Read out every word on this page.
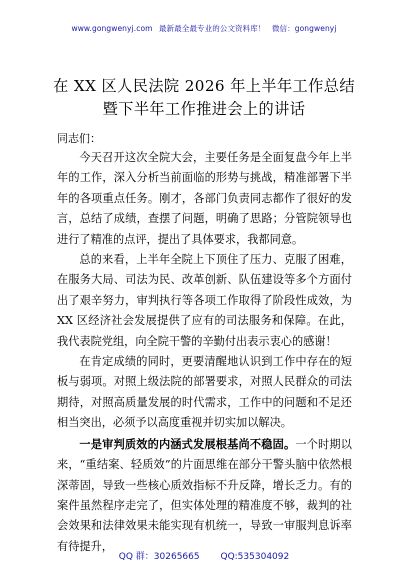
www.gongwenyj.com 最新最全最专业的公文资料库！ 微信：gongwenyj
在 XX 区人民法院 2026 年上半年工作总结
暨下半年工作推进会上的讲话
同志们：

今天召开这次全院大会，主要任务是全面复盘今年上半年的工作，深入分析当前面临的形势与挑战，精准部署下半年的各项重点任务。刚才，各部门负责同志都作了很好的发言，总结了成绩，查摆了问题，明确了思路；分管院领导也进行了精准的点评，提出了具体要求，我都同意。

总的来看，上半年全院上下顶住了压力、克服了困难，在服务大局、司法为民、改革创新、队伍建设等多个方面付出了艰辛努力，审判执行等各项工作取得了阶段性成效，为 XX 区经济社会发展提供了应有的司法服务和保障。在此，我代表院党组，向全院干警的辛勤付出表示衷心的感谢！

在肯定成绩的同时，更要清醒地认识到工作中存在的短板与弱项。对照上级法院的部署要求，对照人民群众的司法期待，对照高质量发展的时代需求，工作中的问题和不足还相当突出，必须予以高度重视并切实加以解决。

一是审判质效的内涵式发展根基尚不稳固。一个时期以来，“重结案、轻质效”的片面思维在部分干警头脑中依然根深蒂固，导致一些核心质效指标不升反降，增长乏力。有的案件虽然程序走完了，但实体处理的精准度不够，裁判的社会效果和法律效果未能实现有机统一，导致一审服判息诉率有待提升，

QQ 群：30265665 QQ:535304092
